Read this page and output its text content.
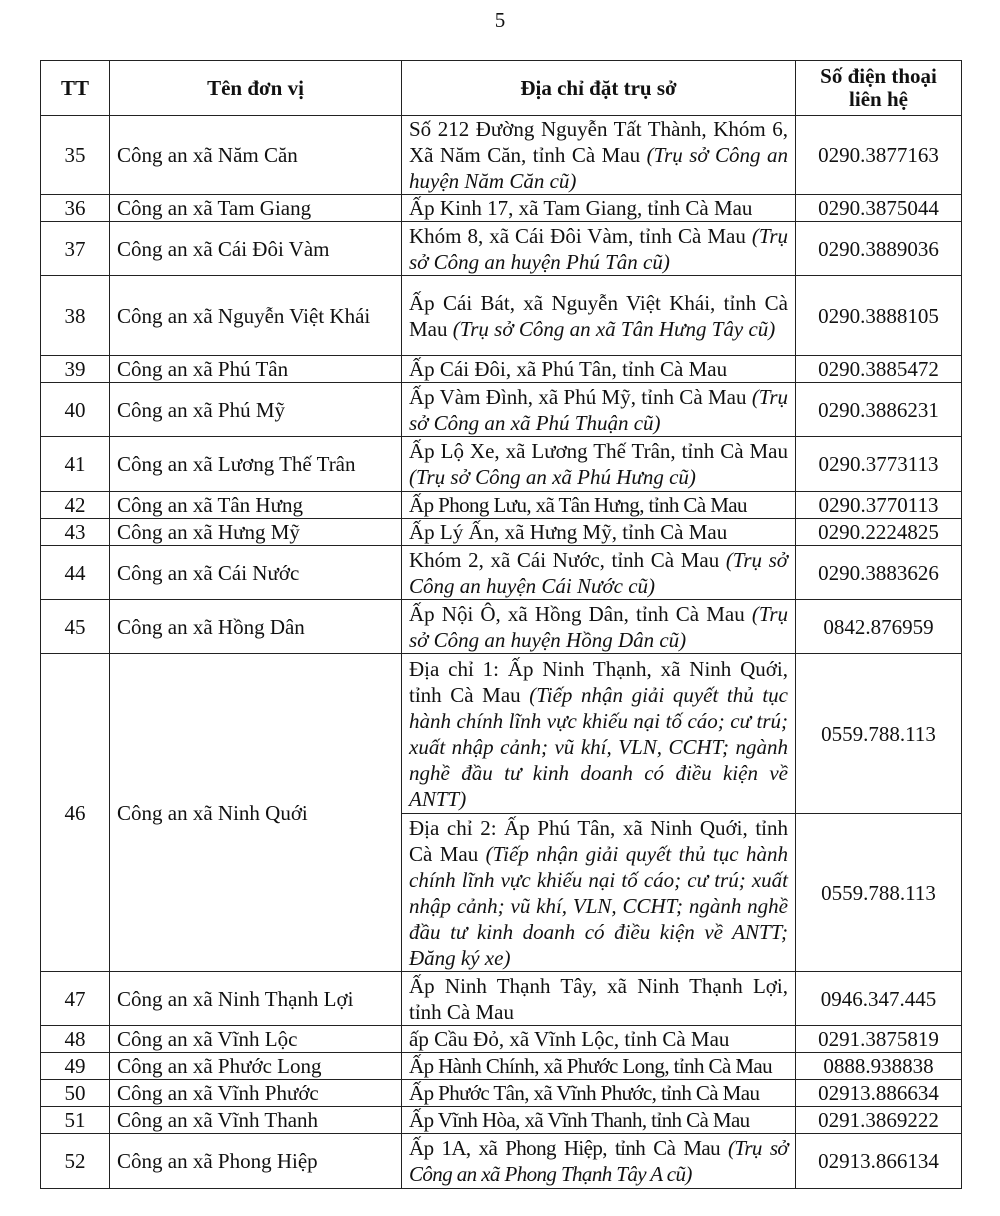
5
TT	Tên đơn vị	Địa chỉ đặt trụ sở	Số điện thoại liên hệ
35	Công an xã Năm Căn	Số 212 Đường Nguyễn Tất Thành, Khóm 6, Xã Năm Căn, tỉnh Cà Mau (Trụ sở Công an huyện Năm Căn cũ)	0290.3877163
36	Công an xã Tam Giang	Ấp Kinh 17, xã Tam Giang, tỉnh Cà Mau	0290.3875044
37	Công an xã Cái Đôi Vàm	Khóm 8, xã Cái Đôi Vàm, tỉnh Cà Mau (Trụ sở Công an huyện Phú Tân cũ)	0290.3889036
38	Công an xã Nguyễn Việt Khái	Ấp Cái Bát, xã Nguyễn Việt Khái, tỉnh Cà Mau (Trụ sở Công an xã Tân Hưng Tây cũ)	0290.3888105
39	Công an xã Phú Tân	Ấp Cái Đôi, xã Phú Tân, tỉnh Cà Mau	0290.3885472
40	Công an xã Phú Mỹ	Ấp Vàm Đình, xã Phú Mỹ, tỉnh Cà Mau (Trụ sở Công an xã Phú Thuận cũ)	0290.3886231
41	Công an xã Lương Thế Trân	Ấp Lộ Xe, xã Lương Thế Trân, tỉnh Cà Mau (Trụ sở Công an xã Phú Hưng cũ)	0290.3773113
42	Công an xã Tân Hưng	Ấp Phong Lưu, xã Tân Hưng, tỉnh Cà Mau	0290.3770113
43	Công an xã Hưng Mỹ	Ấp Lý Ấn, xã Hưng Mỹ, tỉnh Cà Mau	0290.2224825
44	Công an xã Cái Nước	Khóm 2, xã Cái Nước, tỉnh Cà Mau (Trụ sở Công an huyện Cái Nước cũ)	0290.3883626
45	Công an xã Hồng Dân	Ấp Nội Ô, xã Hồng Dân, tỉnh Cà Mau (Trụ sở Công an huyện Hồng Dân cũ)	0842.876959
46	Công an xã Ninh Quới	Địa chỉ 1: Ấp Ninh Thạnh, xã Ninh Quới, tỉnh Cà Mau (Tiếp nhận giải quyết thủ tục hành chính lĩnh vực khiếu nại tố cáo; cư trú; xuất nhập cảnh; vũ khí, VLN, CCHT; ngành nghề đầu tư kinh doanh có điều kiện về ANTT)	0559.788.113
		Địa chỉ 2: Ấp Phú Tân, xã Ninh Quới, tỉnh Cà Mau (Tiếp nhận giải quyết thủ tục hành chính lĩnh vực khiếu nại tố cáo; cư trú; xuất nhập cảnh; vũ khí, VLN, CCHT; ngành nghề đầu tư kinh doanh có điều kiện về ANTT; Đăng ký xe)	0559.788.113
47	Công an xã Ninh Thạnh Lợi	Ấp Ninh Thạnh Tây, xã Ninh Thạnh Lợi, tỉnh Cà Mau	0946.347.445
48	Công an xã Vĩnh Lộc	ấp Cầu Đỏ, xã Vĩnh Lộc, tỉnh Cà Mau	0291.3875819
49	Công an xã Phước Long	Ấp Hành Chính, xã Phước Long, tỉnh Cà Mau	0888.938838
50	Công an xã Vĩnh Phước	Ấp Phước Tân, xã Vĩnh Phước, tỉnh Cà Mau	02913.886634
51	Công an xã Vĩnh Thanh	Ấp Vĩnh Hòa, xã Vĩnh Thanh, tỉnh Cà Mau	0291.3869222
52	Công an xã Phong Hiệp	Ấp 1A, xã Phong Hiệp, tỉnh Cà Mau (Trụ sở Công an xã Phong Thạnh Tây A cũ)	02913.866134
